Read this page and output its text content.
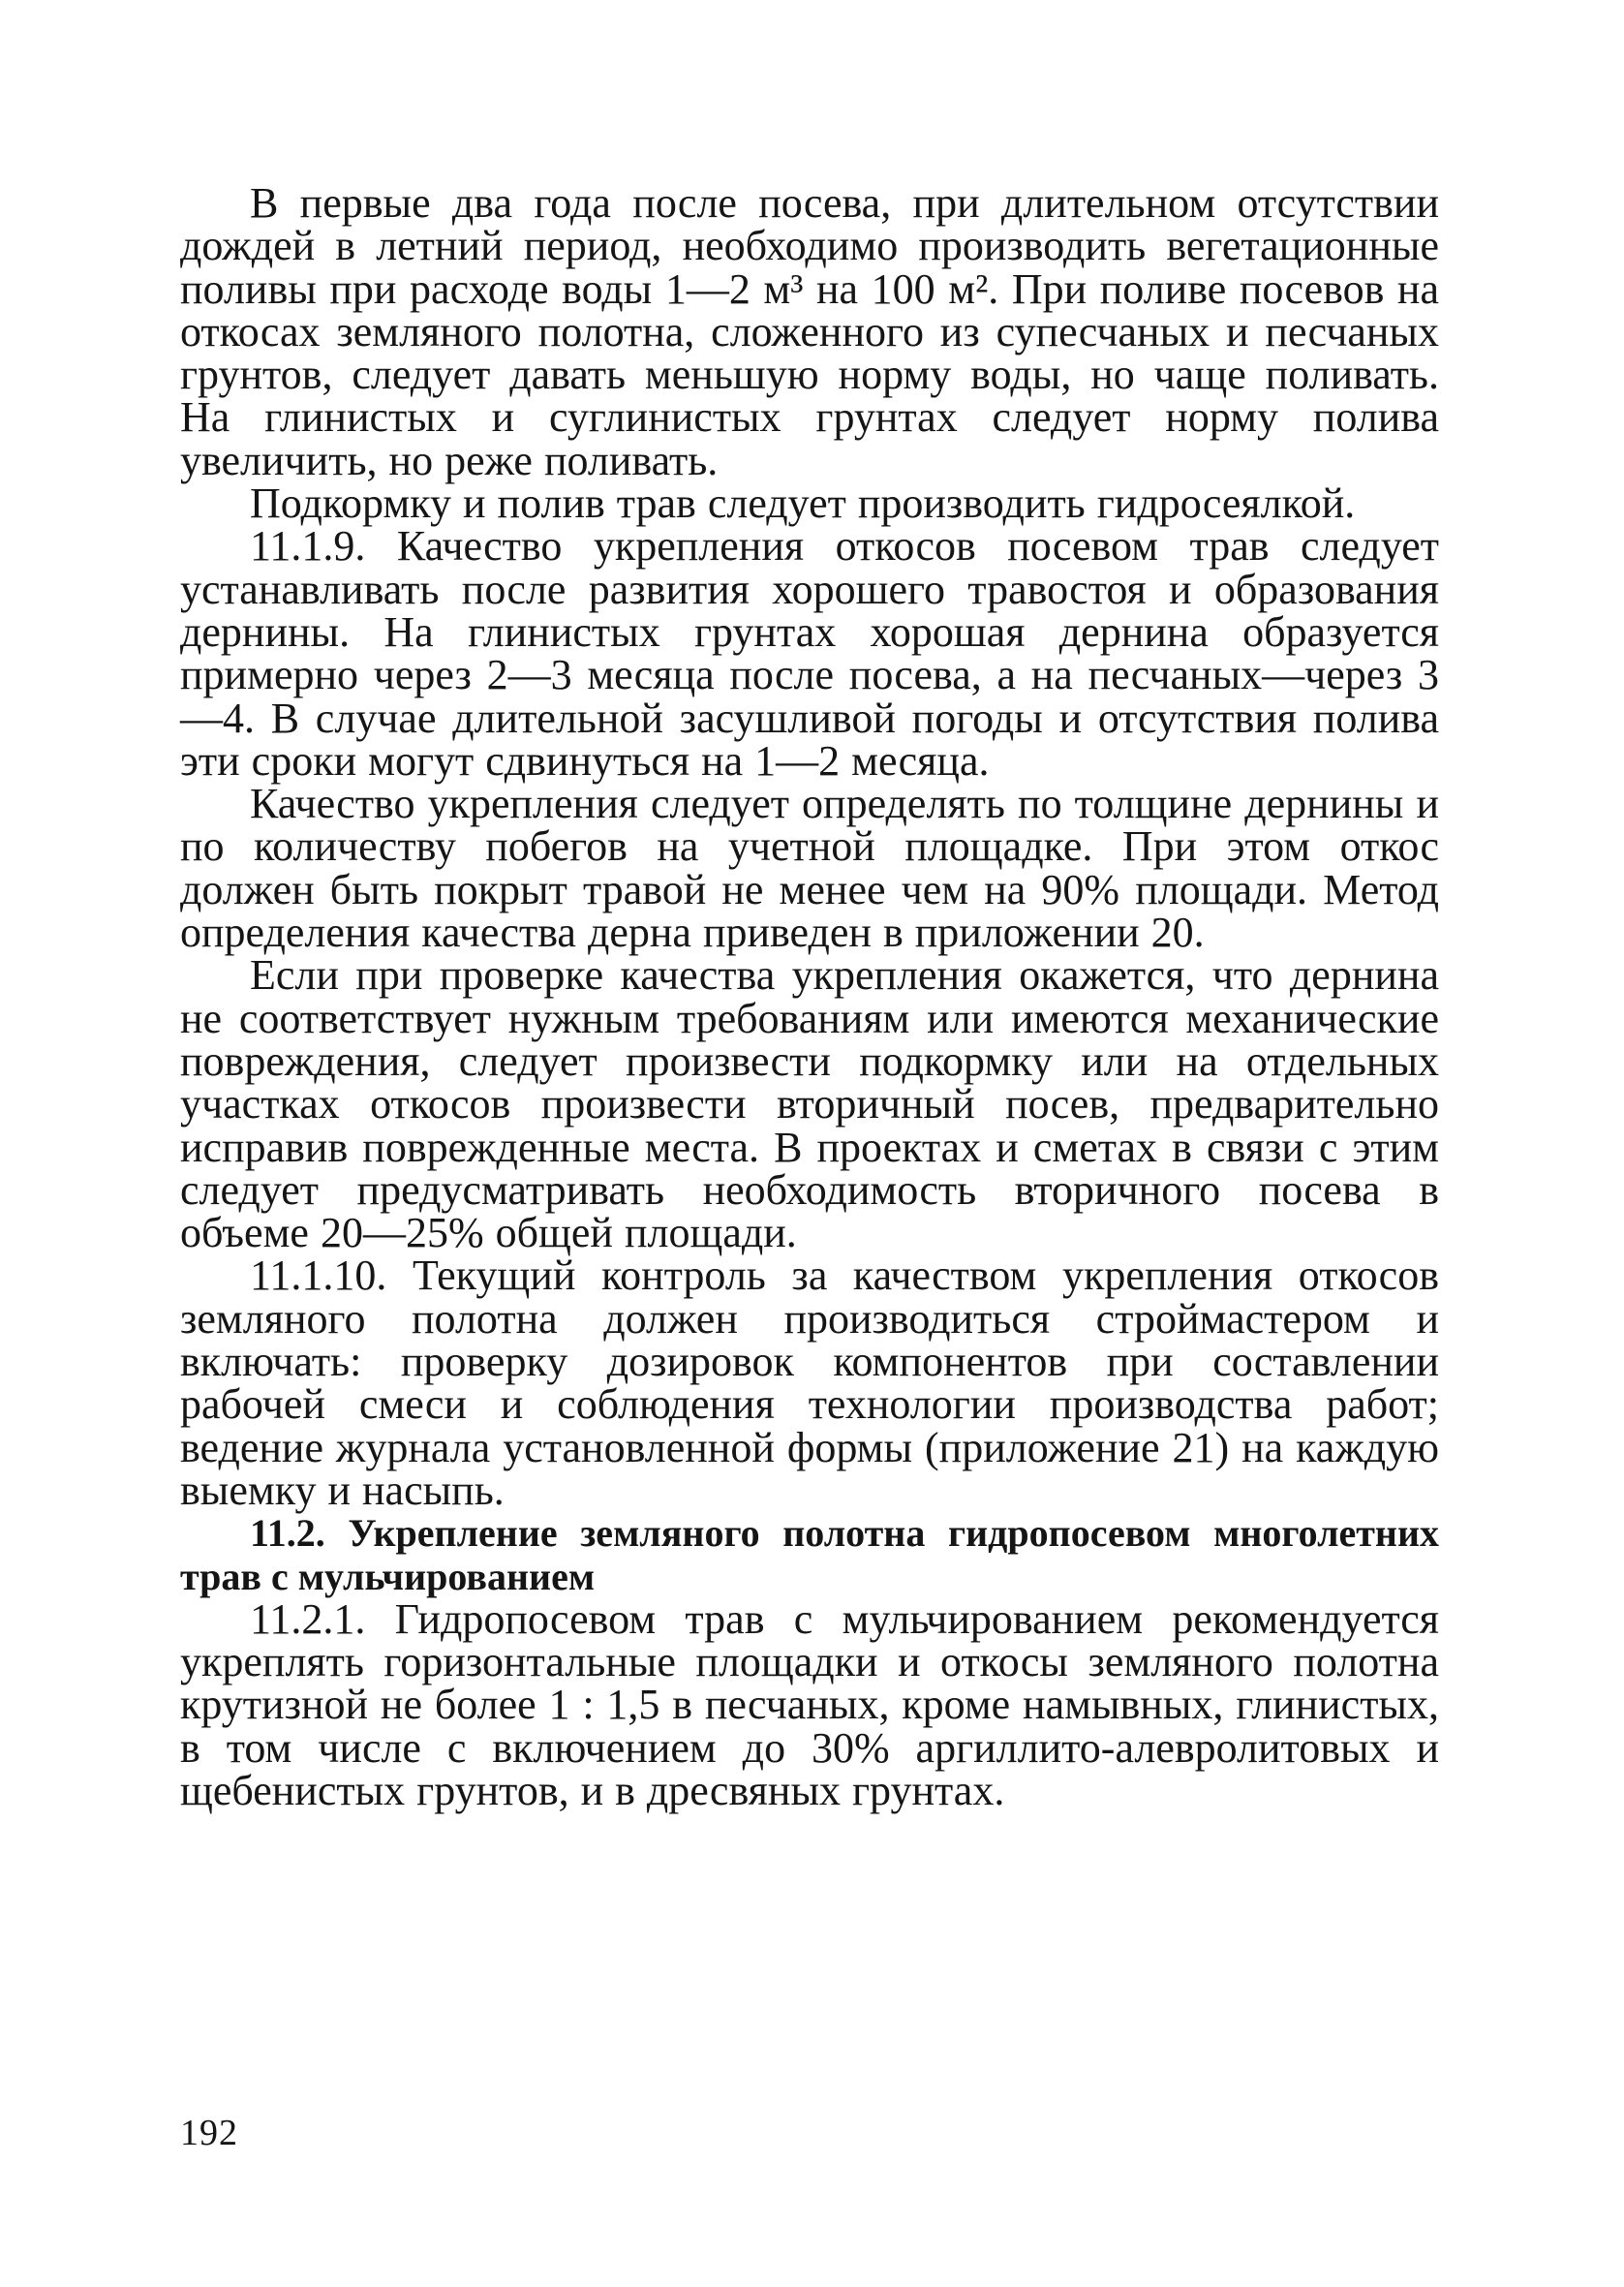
В первые два года после посева, при длительном отсутствии дождей в летний период, необходимо производить вегетационные поливы при расходе воды 1—2 м³ на 100 м². При поливе посевов на откосах земляного полотна, сложенного из супесчаных и песчаных грунтов, следует давать меньшую норму воды, но чаще поливать. На глинистых и суглинистых грунтах следует норму полива увеличить, но реже поливать.

Подкормку и полив трав следует производить гидросеялкой.

11.1.9. Качество укрепления откосов посевом трав следует устанавливать после развития хорошего травостоя и образования дернины. На глинистых грунтах хорошая дернина образуется примерно через 2—3 месяца после посева, а на песчаных—через 3—4. В случае длительной засушливой погоды и отсутствия полива эти сроки могут сдвинуться на 1—2 месяца.

Качество укрепления следует определять по толщине дернины и по количеству побегов на учетной площадке. При этом откос должен быть покрыт травой не менее чем на 90% площади. Метод определения качества дерна приведен в приложении 20.

Если при проверке качества укрепления окажется, что дернина не соответствует нужным требованиям или имеются механические повреждения, следует произвести подкормку или на отдельных участках откосов произвести вторичный посев, предварительно исправив поврежденные места. В проектах и сметах в связи с этим следует предусматривать необходимость вторичного посева в объеме 20—25% общей площади.

11.1.10. Текущий контроль за качеством укрепления откосов земляного полотна должен производиться строймастером и включать: проверку дозировок компонентов при составлении рабочей смеси и соблюдения технологии производства работ; ведение журнала установленной формы (приложение 21) на каждую выемку и насыпь.

11.2. Укрепление земляного полотна гидропосевом многолетних трав с мульчированием

11.2.1. Гидропосевом трав с мульчированием рекомендуется укреплять горизонтальные площадки и откосы земляного полотна крутизной не более 1 : 1,5 в песчаных, кроме намывных, глинистых, в том числе с включением до 30% аргиллито-алевролитовых и щебенистых грунтов, и в дресвяных грунтах.

192
